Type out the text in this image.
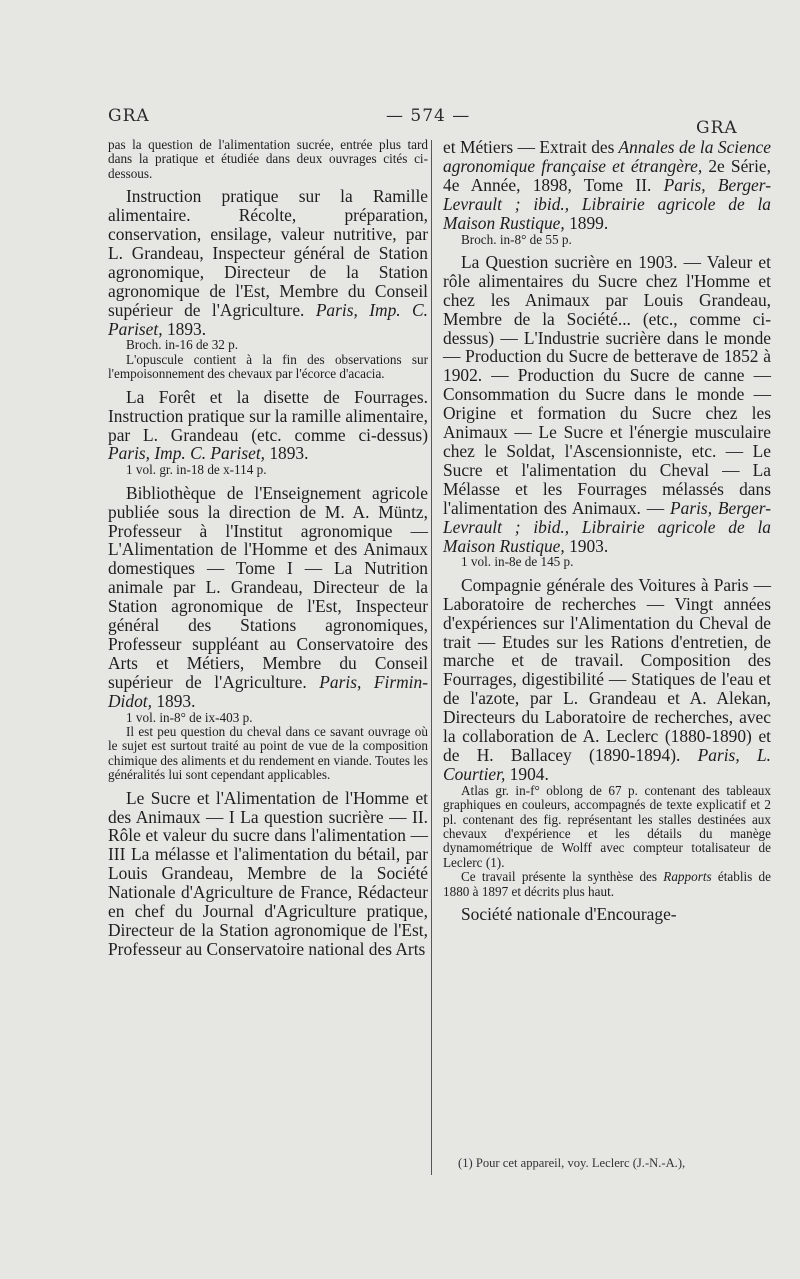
GRA	— 574 —
GRA

pas la question de l'alimentation sucrée, entrée plus tard dans la pratique et étudiée dans deux ouvrages cités ci-dessous.

Instruction pratique sur la Ramille alimentaire. Récolte, préparation, conservation, ensilage, valeur nutritive, par L. Grandeau, Inspecteur général de Station agronomique, Directeur de la Station agronomique de l'Est, Membre du Conseil supérieur de l'Agriculture. Paris, Imp. C. Pariset, 1893.

Broch. in-16 de 32 p.

L'opuscule contient à la fin des observations sur l'empoisonnement des chevaux par l'écorce d'acacia.

La Forêt et la disette de Fourrages. Instruction pratique sur la ramille alimentaire, par L. Grandeau (etc. comme ci-dessus) Paris, Imp. C. Pariset, 1893.

1 vol. gr. in-18 de x-114 p.

Bibliothèque de l'Enseignement agricole publiée sous la direction de M. A. Müntz, Professeur à l'Institut agronomique — L'Alimentation de l'Homme et des Animaux domestiques — Tome I — La Nutrition animale par L. Grandeau, Directeur de la Station agronomique de l'Est, Inspecteur général des Stations agronomiques, Professeur suppléant au Conservatoire des Arts et Métiers, Membre du Conseil supérieur de l'Agriculture. Paris, Firmin-Didot, 1893.

1 vol. in-8° de ix-403 p.

Il est peu question du cheval dans ce savant ouvrage où le sujet est surtout traité au point de vue de la composition chimique des aliments et du rendement en viande. Toutes les généralités lui sont cependant applicables.

Le Sucre et l'Alimentation de l'Homme et des Animaux — I La question sucrière — II. Rôle et valeur du sucre dans l'alimentation — III La mélasse et l'alimentation du bétail, par Louis Grandeau, Membre de la Société Nationale d'Agriculture de France, Rédacteur en chef du Journal d'Agriculture pratique, Directeur de la Station agronomique de l'Est, Professeur au Conservatoire national des Arts

et Métiers — Extrait des Annales de la Science agronomique française et étrangère, 2e Série, 4e Année, 1898, Tome II. Paris, Berger-Levrault ; ibid., Librairie agricole de la Maison Rustique, 1899.

Broch. in-8° de 55 p.

La Question sucrière en 1903. — Valeur et rôle alimentaires du Sucre chez l'Homme et chez les Animaux par Louis Grandeau, Membre de la Société... (etc., comme ci-dessus) — L'Industrie sucrière dans le monde — Production du Sucre de betterave de 1852 à 1902. — Production du Sucre de canne — Consommation du Sucre dans le monde — Origine et formation du Sucre chez les Animaux — Le Sucre et l'énergie musculaire chez le Soldat, l'Ascensionniste, etc. — Le Sucre et l'alimentation du Cheval — La Mélasse et les Fourrages mélassés dans l'alimentation des Animaux. — Paris, Berger-Levrault ; ibid., Librairie agricole de la Maison Rustique, 1903.

1 vol. in-8e de 145 p.

Compagnie générale des Voitures à Paris — Laboratoire de recherches — Vingt années d'expériences sur l'Alimentation du Cheval de trait — Etudes sur les Rations d'entretien, de marche et de travail. Composition des Fourrages, digestibilité — Statiques de l'eau et de l'azote, par L. Grandeau et A. Alekan, Directeurs du Laboratoire de recherches, avec la collaboration de A. Leclerc (1880-1890) et de H. Ballacey (1890-1894). Paris, L. Courtier, 1904.

Atlas gr. in-f° oblong de 67 p. contenant des tableaux graphiques en couleurs, accompagnés de texte explicatif et 2 pl. contenant des fig. représentant les stalles destinées aux chevaux d'expérience et les détails du manège dynamométrique de Wolff avec compteur totalisateur de Leclerc (1).

Ce travail présente la synthèse des Rapports établis de 1880 à 1897 et décrits plus haut.

Société nationale d'Encourage-

(1) Pour cet appareil, voy. Leclerc (J.-N.-A.),
